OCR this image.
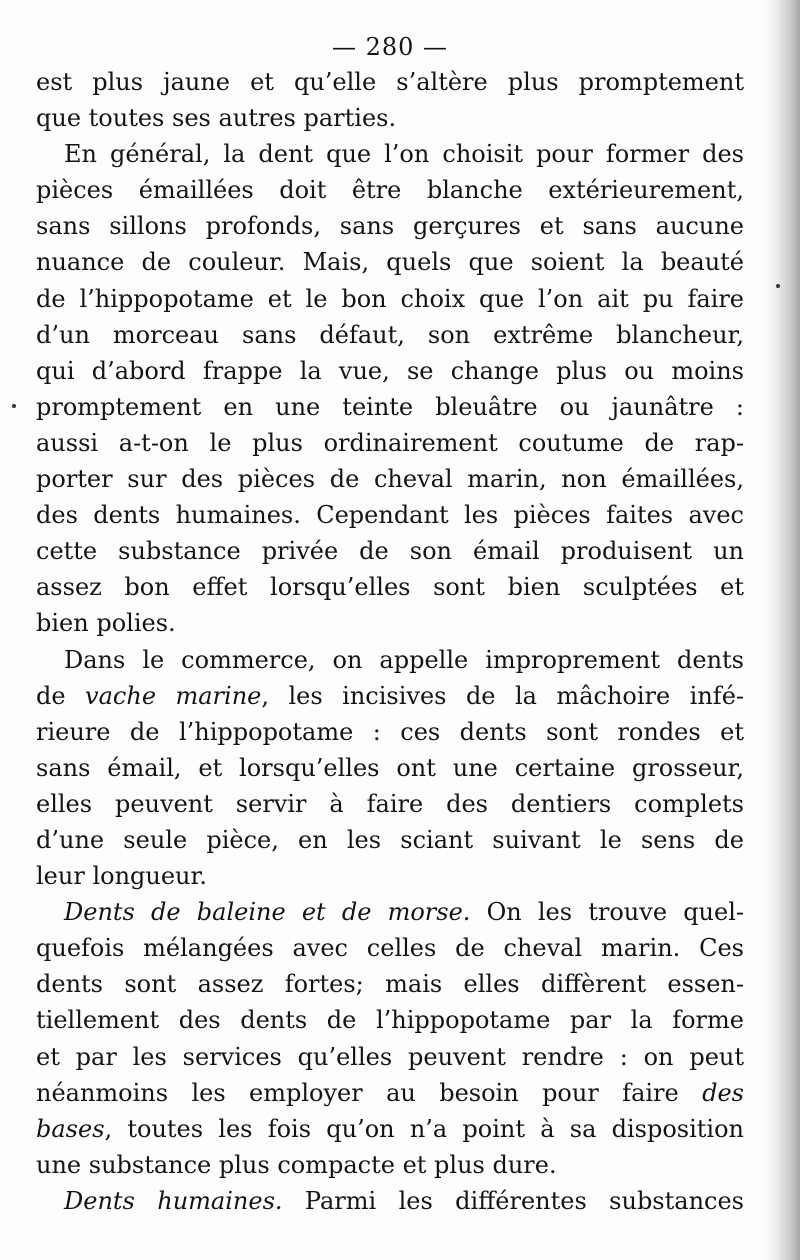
— 280 —
est plus jaune et qu’elle s’altère plus promptement
que toutes ses autres parties.
En général, la dent que l’on choisit pour former des
pièces émaillées doit être blanche extérieurement,
sans sillons profonds, sans gerçures et sans aucune
nuance de couleur. Mais, quels que soient la beauté
de l’hippopotame et le bon choix que l’on ait pu faire
d’un morceau sans défaut, son extrême blancheur,
qui d’abord frappe la vue, se change plus ou moins
promptement en une teinte bleuâtre ou jaunâtre :
aussi a-t-on le plus ordinairement coutume de rap-
porter sur des pièces de cheval marin, non émaillées,
des dents humaines. Cependant les pièces faites avec
cette substance privée de son émail produisent un
assez bon effet lorsqu’elles sont bien sculptées et
bien polies.
Dans le commerce, on appelle improprement dents
de vache marine, les incisives de la mâchoire infé-
rieure de l’hippopotame : ces dents sont rondes et
sans émail, et lorsqu’elles ont une certaine grosseur,
elles peuvent servir à faire des dentiers complets
d’une seule pièce, en les sciant suivant le sens de
leur longueur.
Dents de baleine et de morse. On les trouve quel-
quefois mélangées avec celles de cheval marin. Ces
dents sont assez fortes; mais elles diffèrent essen-
tiellement des dents de l’hippopotame par la forme
et par les services qu’elles peuvent rendre : on peut
néanmoins les employer au besoin pour faire des
bases, toutes les fois qu’on n’a point à sa disposition
une substance plus compacte et plus dure.
Dents humaines. Parmi les différentes substances
